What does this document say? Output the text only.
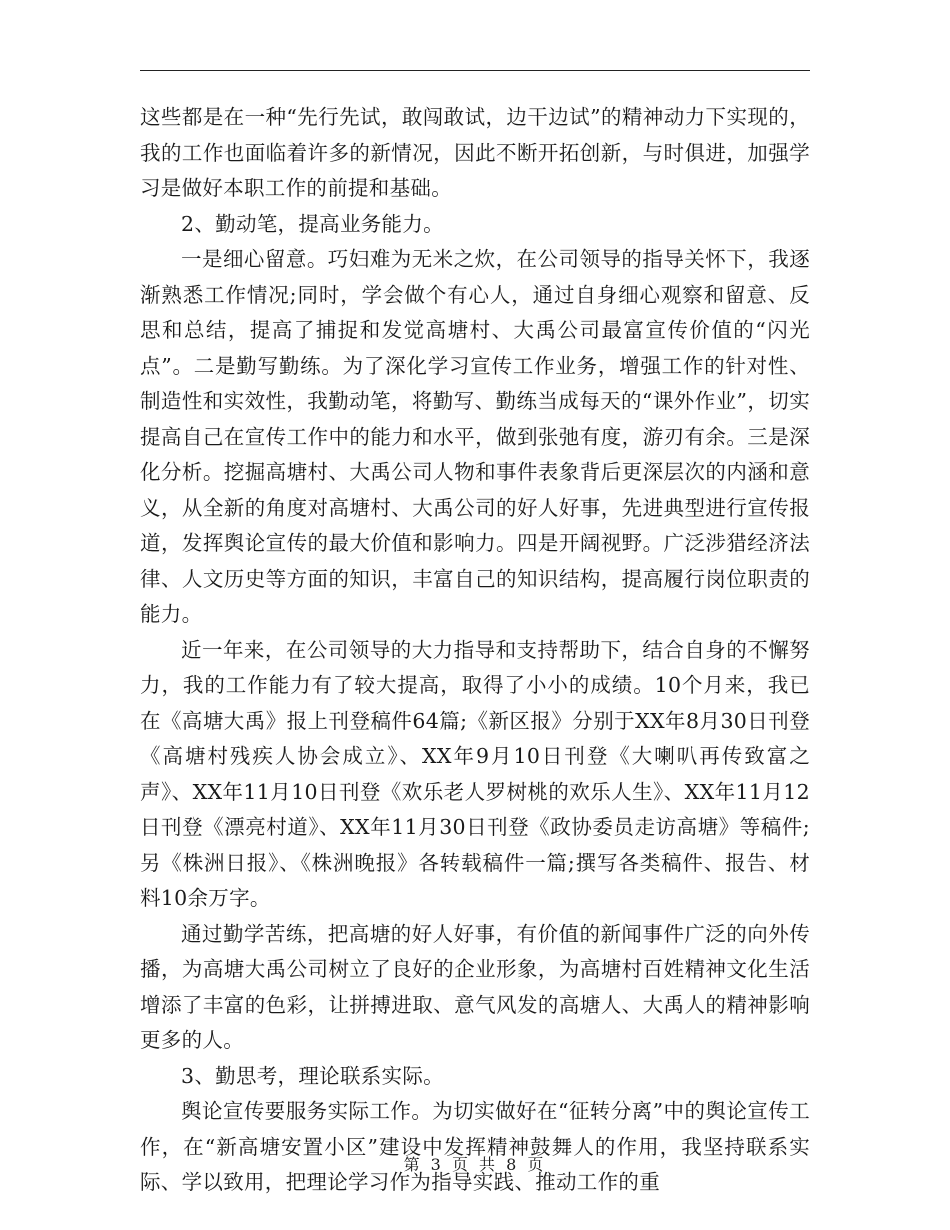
这些都是在一种“先行先试，敢闯敢试，边干边试”的精神动力下实现的，我的工作也面临着许多的新情况，因此不断开拓创新，与时俱进，加强学习是做好本职工作的前提和基础。

2、勤动笔，提高业务能力。

一是细心留意。巧妇难为无米之炊，在公司领导的指导关怀下，我逐渐熟悉工作情况;同时，学会做个有心人，通过自身细心观察和留意、反思和总结，提高了捕捉和发觉高塘村、大禹公司最富宣传价值的“闪光点”。二是勤写勤练。为了深化学习宣传工作业务，增强工作的针对性、制造性和实效性，我勤动笔，将勤写、勤练当成每天的“课外作业”，切实提高自己在宣传工作中的能力和水平，做到张弛有度，游刃有余。三是深化分析。挖掘高塘村、大禹公司人物和事件表象背后更深层次的内涵和意义，从全新的角度对高塘村、大禹公司的好人好事，先进典型进行宣传报道，发挥舆论宣传的最大价值和影响力。四是开阔视野。广泛涉猎经济法律、人文历史等方面的知识，丰富自己的知识结构，提高履行岗位职责的能力。

近一年来，在公司领导的大力指导和支持帮助下，结合自身的不懈努力，我的工作能力有了较大提高，取得了小小的成绩。10个月来，我已在《高塘大禹》报上刊登稿件64篇;《新区报》分别于XX年8月30日刊登《高塘村残疾人协会成立》、XX年9月10日刊登《大喇叭再传致富之声》、XX年11月10日刊登《欢乐老人罗树桃的欢乐人生》、XX年11月12日刊登《漂亮村道》、XX年11月30日刊登《政协委员走访高塘》等稿件;另《株洲日报》、《株洲晚报》各转载稿件一篇;撰写各类稿件、报告、材料10余万字。

通过勤学苦练，把高塘的好人好事，有价值的新闻事件广泛的向外传播，为高塘大禹公司树立了良好的企业形象，为高塘村百姓精神文化生活增添了丰富的色彩，让拼搏进取、意气风发的高塘人、大禹人的精神影响更多的人。

3、勤思考，理论联系实际。

舆论宣传要服务实际工作。为切实做好在“征转分离”中的舆论宣传工作，在“新高塘安置小区”建设中发挥精神鼓舞人的作用，我坚持联系实际、学以致用，把理论学习作为指导实践、推动工作的重

第 3 页 共 8 页
